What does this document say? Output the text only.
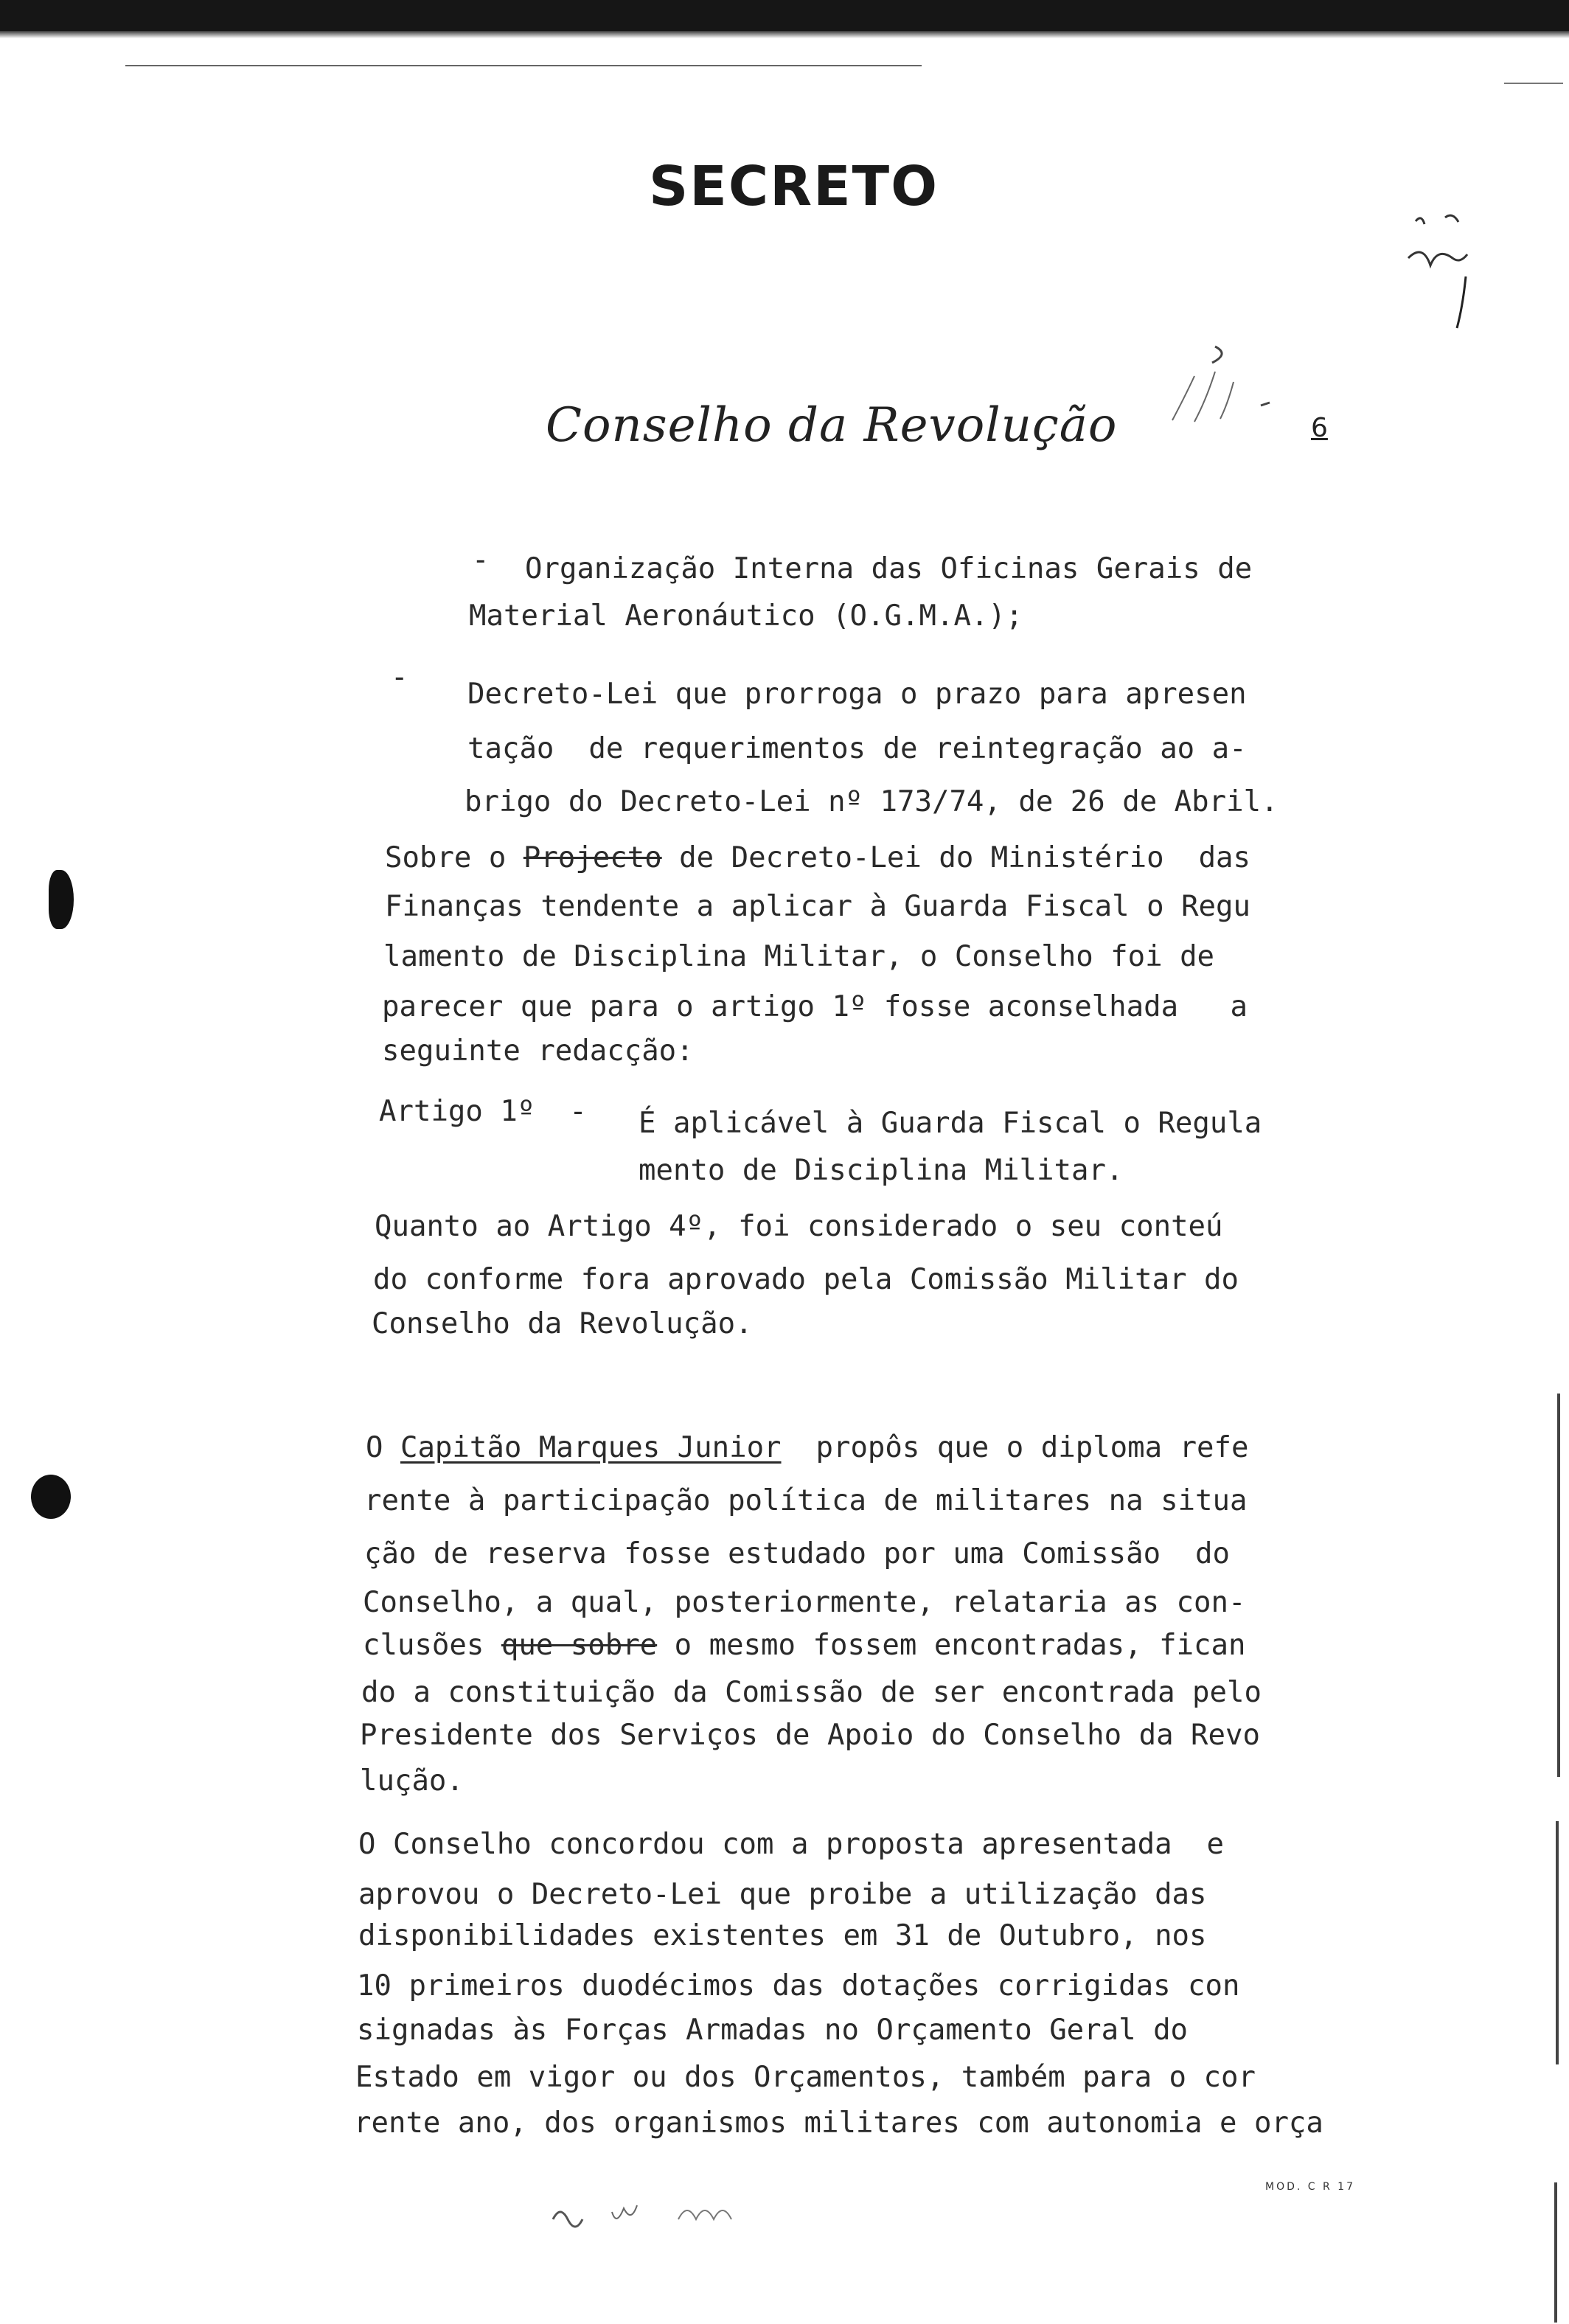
SECRETO
Conselho da Revolução	6
- Organização Interna das Oficinas Gerais de
Material Aeronáutico (O.G.M.A.);
-
Decreto-Lei que prorroga o prazo para apresen
tação  de requerimentos de reintegração ao a-
brigo do Decreto-Lei nº 173/74, de 26 de Abril.
Sobre o Projecto de Decreto-Lei do Ministério  das
Finanças tendente a aplicar à Guarda Fiscal o Regu
lamento de Disciplina Militar, o Conselho foi de
parecer que para o artigo 1º fosse aconselhada   a
seguinte redacção:
Artigo 1º  - É aplicável à Guarda Fiscal o Regula
mento de Disciplina Militar.
Quanto ao Artigo 4º, foi considerado o seu conteú
do conforme fora aprovado pela Comissão Militar do
Conselho da Revolução.
O Capitão Marques Junior  propôs que o diploma refe
rente à participação política de militares na situa
ção de reserva fosse estudado por uma Comissão  do
Conselho, a qual, posteriormente, relataria as con-
clusões que sobre o mesmo fossem encontradas, fican
do a constituição da Comissão de ser encontrada pelo
Presidente dos Serviços de Apoio do Conselho da Revo
lução.
O Conselho concordou com a proposta apresentada  e
aprovou o Decreto-Lei que proibe a utilização das
disponibilidades existentes em 31 de Outubro, nos
10 primeiros duodécimos das dotações corrigidas con
signadas às Forças Armadas no Orçamento Geral do
Estado em vigor ou dos Orçamentos, também para o cor
rente ano, dos organismos militares com autonomia e orça
MOD. C R 17
